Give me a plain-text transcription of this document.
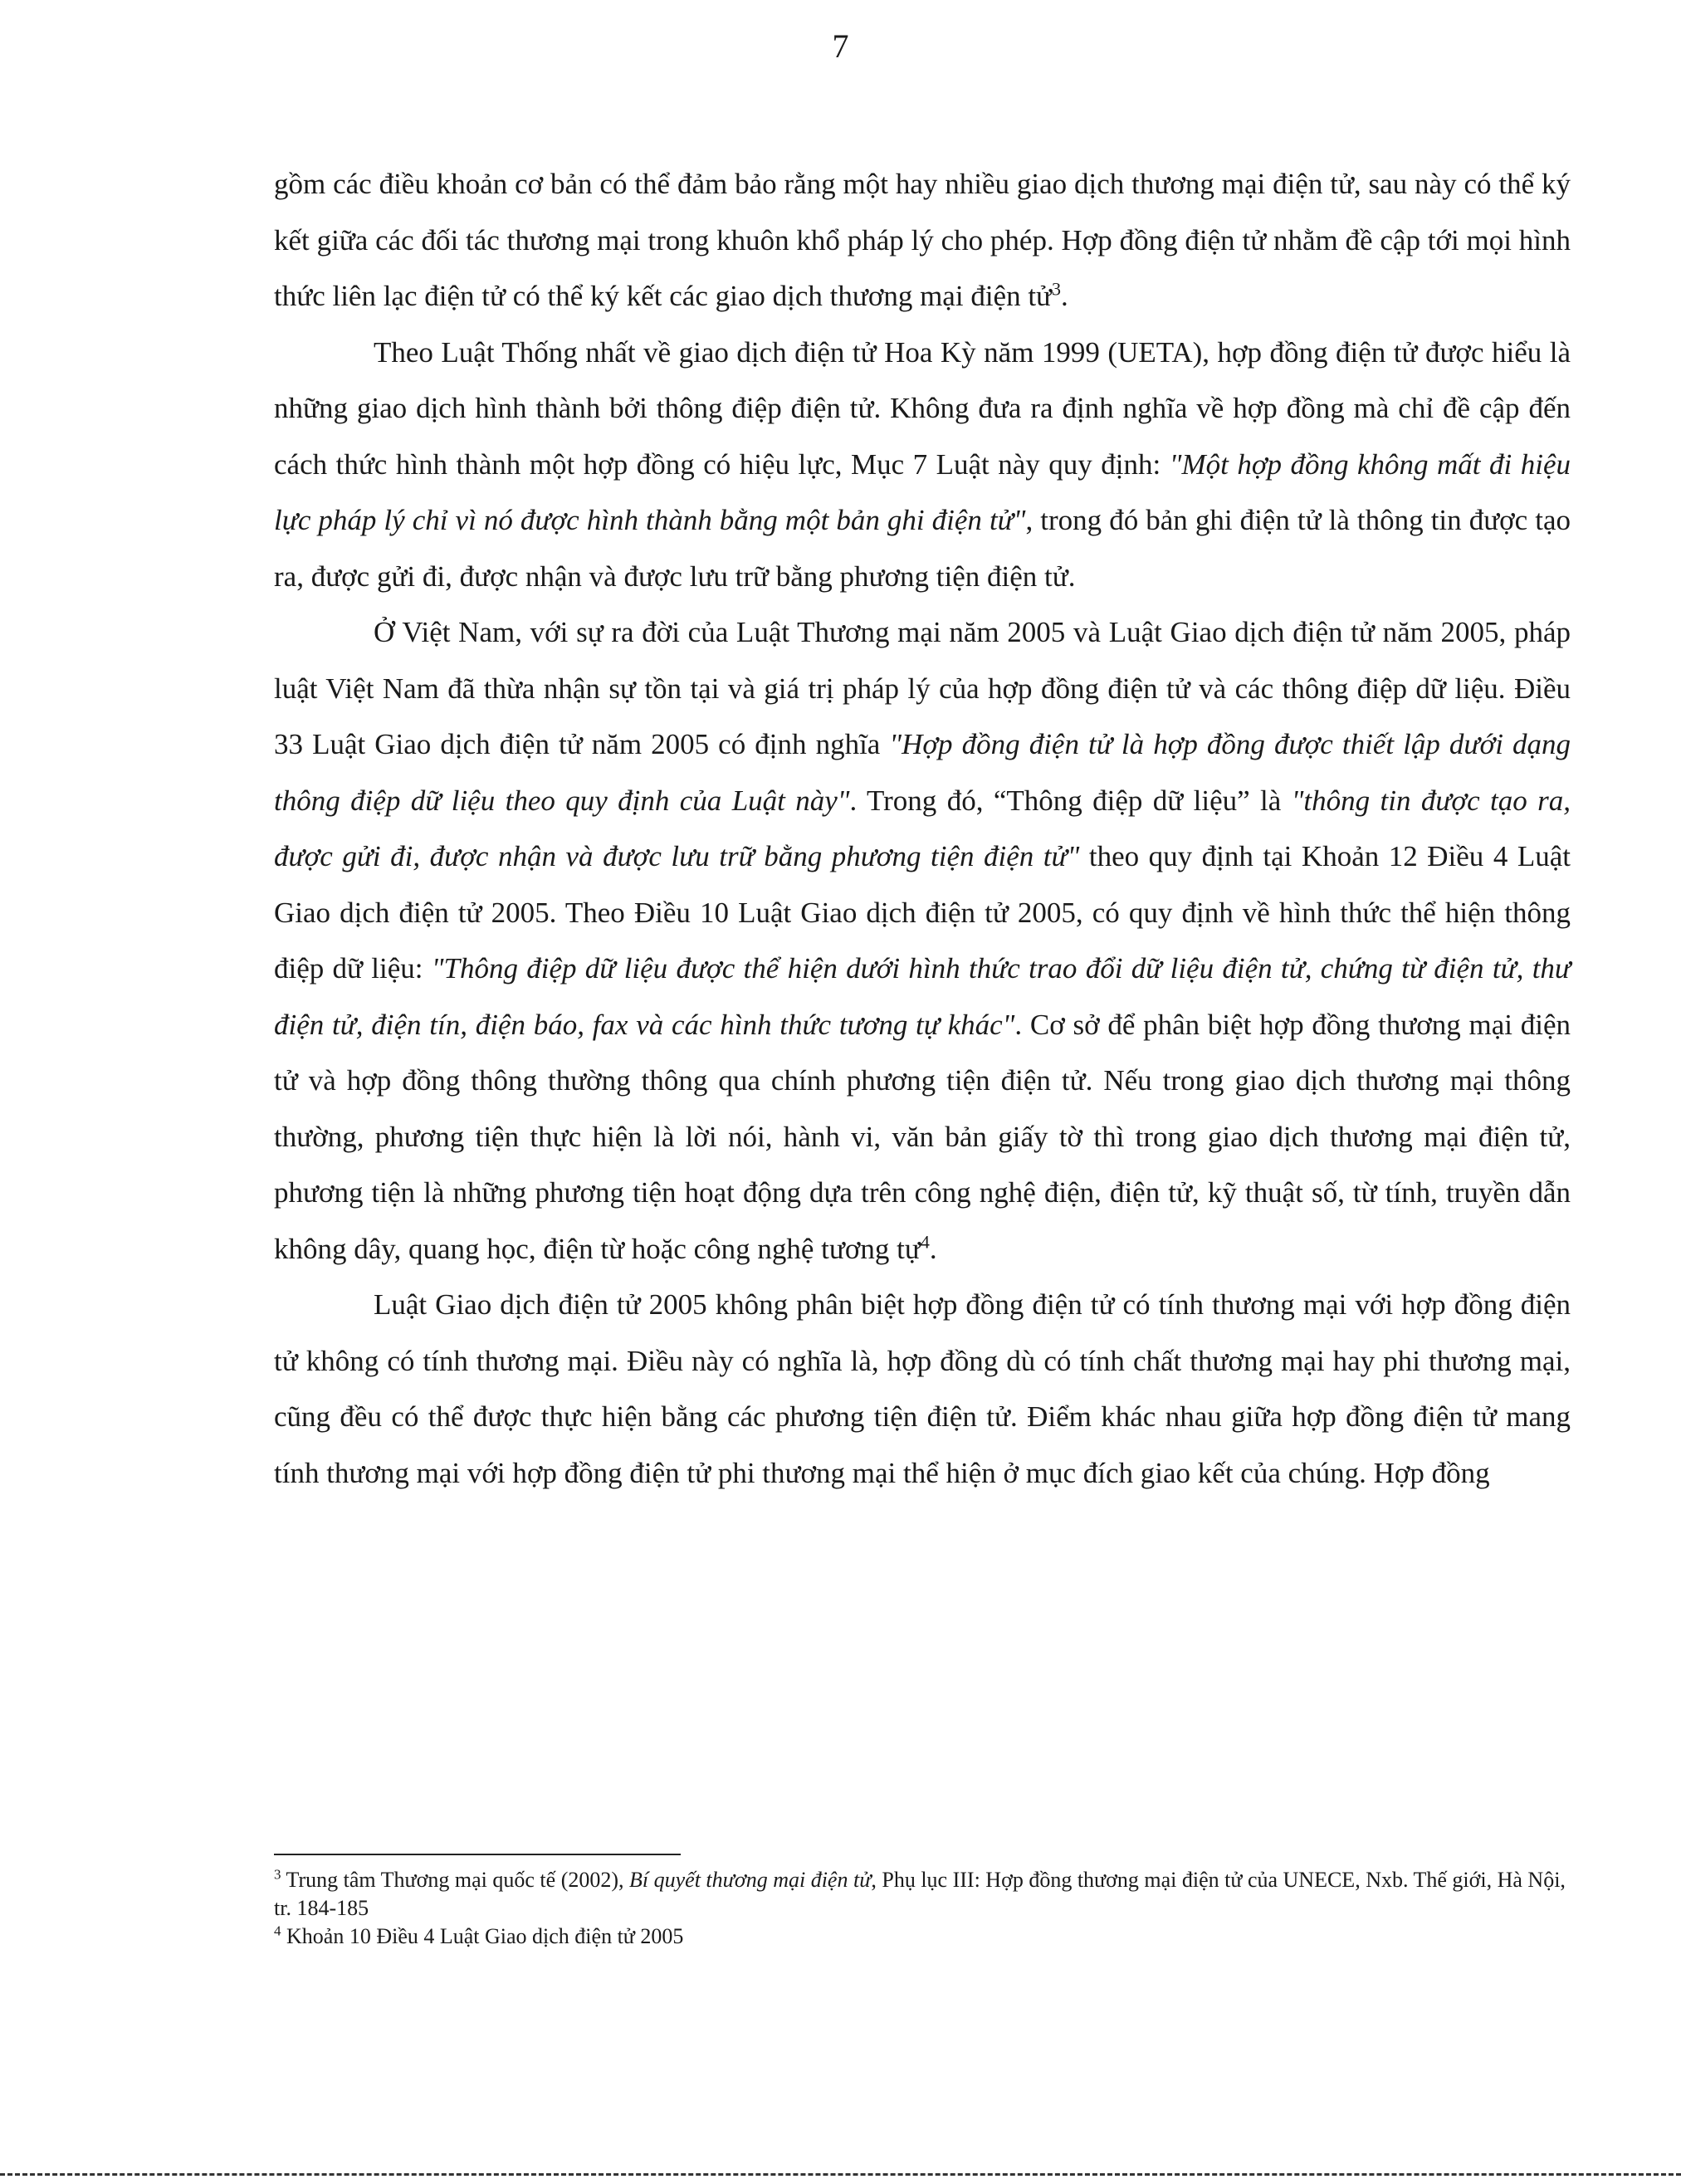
7

gồm các điều khoản cơ bản có thể đảm bảo rằng một hay nhiều giao dịch thương mại điện tử, sau này có thể ký kết giữa các đối tác thương mại trong khuôn khổ pháp lý cho phép. Hợp đồng điện tử nhằm đề cập tới mọi hình thức liên lạc điện tử có thể ký kết các giao dịch thương mại điện tử$^3$.

Theo Luật Thống nhất về giao dịch điện tử Hoa Kỳ năm 1999 (UETA), hợp đồng điện tử được hiểu là những giao dịch hình thành bởi thông điệp điện tử. Không đưa ra định nghĩa về hợp đồng mà chỉ đề cập đến cách thức hình thành một hợp đồng có hiệu lực, Mục 7 Luật này quy định: "Một hợp đồng không mất đi hiệu lực pháp lý chỉ vì nó được hình thành bằng một bản ghi điện tử", trong đó bản ghi điện tử là thông tin được tạo ra, được gửi đi, được nhận và được lưu trữ bằng phương tiện điện tử.

Ở Việt Nam, với sự ra đời của Luật Thương mại năm 2005 và Luật Giao dịch điện tử năm 2005, pháp luật Việt Nam đã thừa nhận sự tồn tại và giá trị pháp lý của hợp đồng điện tử và các thông điệp dữ liệu. Điều 33 Luật Giao dịch điện tử năm 2005 có định nghĩa "Hợp đồng điện tử là hợp đồng được thiết lập dưới dạng thông điệp dữ liệu theo quy định của Luật này". Trong đó, “Thông điệp dữ liệu” là "thông tin được tạo ra, được gửi đi, được nhận và được lưu trữ bằng phương tiện điện tử" theo quy định tại Khoản 12 Điều 4 Luật Giao dịch điện tử 2005. Theo Điều 10 Luật Giao dịch điện tử 2005, có quy định về hình thức thể hiện thông điệp dữ liệu: "Thông điệp dữ liệu được thể hiện dưới hình thức trao đổi dữ liệu điện tử, chứng từ điện tử, thư điện tử, điện tín, điện báo, fax và các hình thức tương tự khác". Cơ sở để phân biệt hợp đồng thương mại điện tử và hợp đồng thông thường thông qua chính phương tiện điện tử. Nếu trong giao dịch thương mại thông thường, phương tiện thực hiện là lời nói, hành vi, văn bản giấy tờ thì trong giao dịch thương mại điện tử, phương tiện là những phương tiện hoạt động dựa trên công nghệ điện, điện tử, kỹ thuật số, từ tính, truyền dẫn không dây, quang học, điện từ hoặc công nghệ tương tự$^4$.

Luật Giao dịch điện tử 2005 không phân biệt hợp đồng điện tử có tính thương mại với hợp đồng điện tử không có tính thương mại. Điều này có nghĩa là, hợp đồng dù có tính chất thương mại hay phi thương mại, cũng đều có thể được thực hiện bằng các phương tiện điện tử. Điểm khác nhau giữa hợp đồng điện tử mang tính thương mại với hợp đồng điện tử phi thương mại thể hiện ở mục đích giao kết của chúng. Hợp đồng

$^3$ Trung tâm Thương mại quốc tế (2002), Bí quyết thương mại điện tử, Phụ lục III: Hợp đồng thương mại điện tử của UNECE, Nxb. Thế giới, Hà Nội, tr. 184-185

$^4$ Khoản 10 Điều 4 Luật Giao dịch điện tử 2005
